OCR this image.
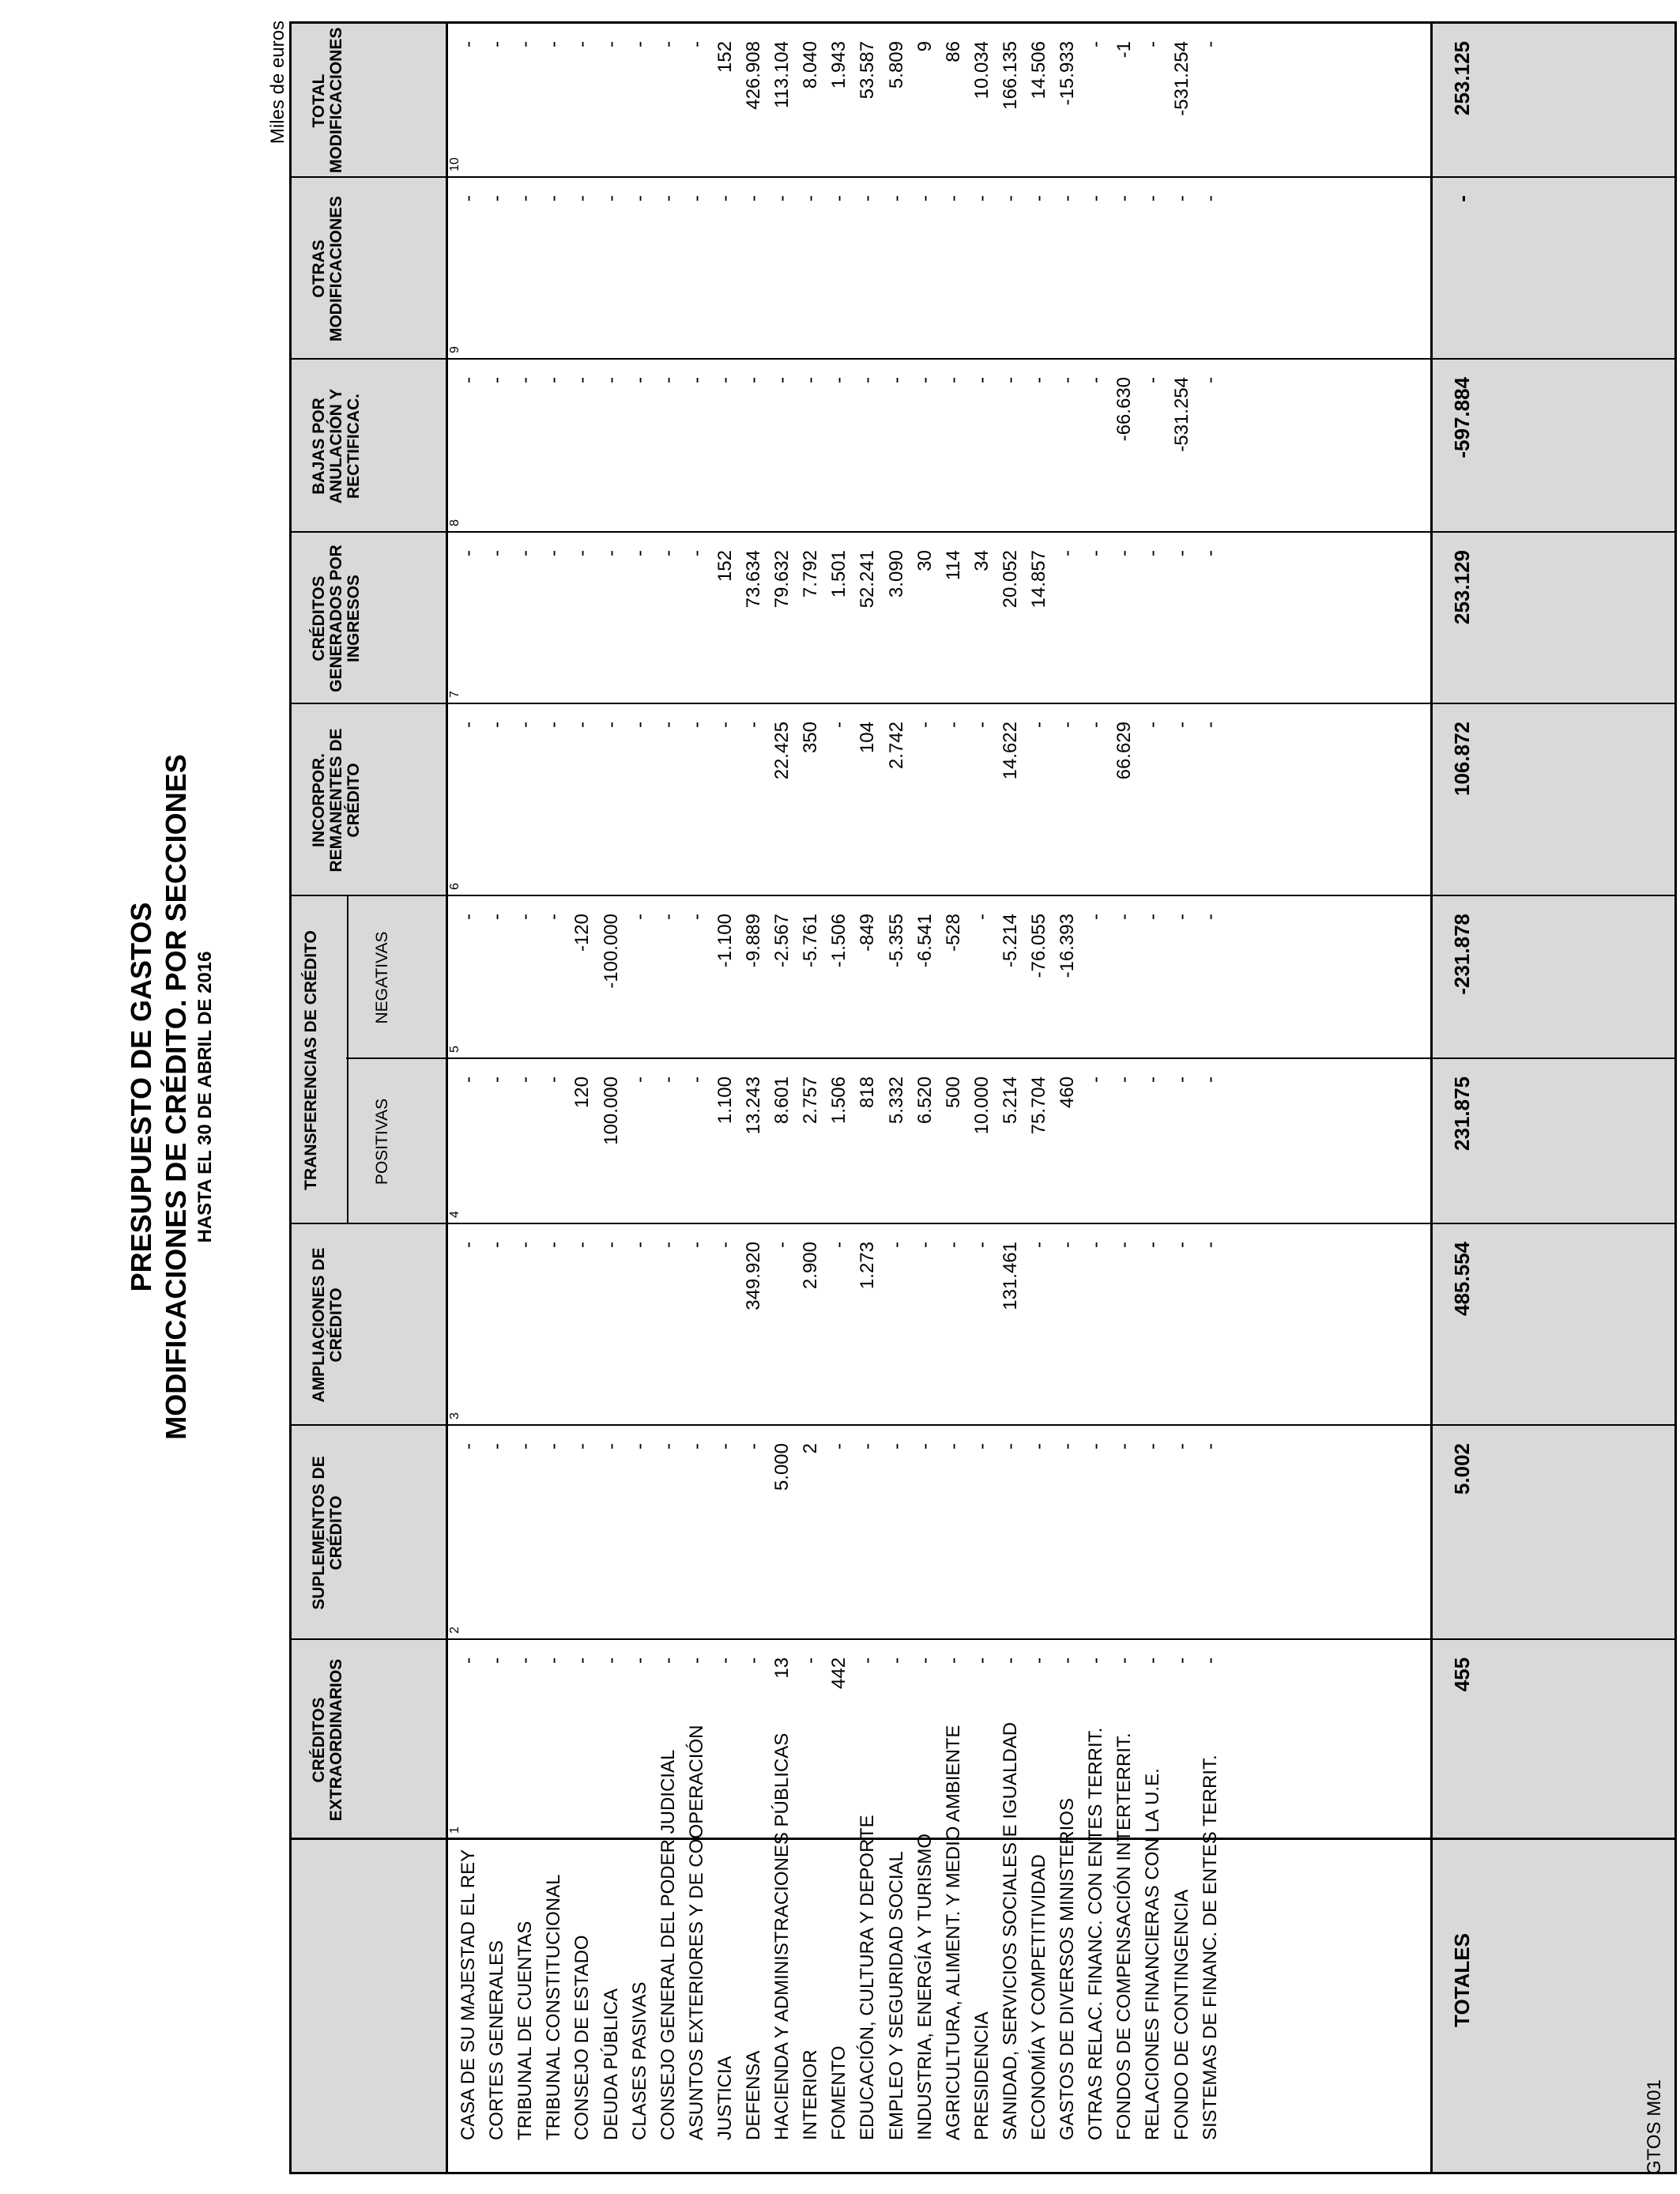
PRESUPUESTO DE GASTOS MODIFICACIONES DE CRÉDITO. POR SECCIONES HASTA EL 30 DE ABRIL DE 2016
Miles de euros
CRÉDITOS EXTRAORDINARIOS
1
SUPLEMENTOS DE CRÉDITO
2
AMPLIACIONES DE CRÉDITO
3
POSITIVAS
4
NEGATIVAS
5
INCORPOR. REMANENTES DE CRÉDITO
6
CRÉDITOS GENERADOS POR INGRESOS
7
BAJAS POR ANULACIÓN Y RECTIFICAC.
8
OTRAS MODIFICACIONES
9
TOTAL MODIFICACIONES	10
TRANSFERENCIAS DE CRÉDITO
CASA DE SU MAJESTAD EL REY
-
-
-
-
-
-
-
-
-
-
CORTES GENERALES
-
-
-
-
-
-
-
-
-
-
TRIBUNAL DE CUENTAS
-
-
-
-
-
-
-
-
-
-
TRIBUNAL CONSTITUCIONAL
-
-
-
-
-
-
-
-
-
-
CONSEJO DE ESTADO
-
-
-
120
-120
-
-
-
-
-
DEUDA PÚBLICA
-
-
-
100.000
-100.000
-
-
-
-
-
CLASES PASIVAS
-
-
-
-
-
-
-
-
-
-
CONSEJO GENERAL DEL PODER JUDICIAL
-
-
-
-
-
-
-
-
-
-
ASUNTOS EXTERIORES Y DE COOPERACIÓN
-
-
-
-
-
-
-
-
-
-
JUSTICIA
-
-
-
1.100
-1.100
-
152
-
-
152
DEFENSA
-
-
349.920
13.243
-9.889
-
73.634
-
-
426.908
HACIENDA Y ADMINISTRACIONES PÚBLICAS
13
5.000
-
8.601
-2.567
22.425
79.632
-
-
113.104
INTERIOR
-
2
2.900
2.757
-5.761
350
7.792
-
-
8.040
FOMENTO
442
-
-
1.506
-1.506
-
1.501
-
-
1.943
EDUCACIÓN, CULTURA Y DEPORTE
-
-
1.273
818
-849
104
52.241
-
-
53.587
EMPLEO Y SEGURIDAD SOCIAL
-
-
-
5.332
-5.355
2.742
3.090
-
-
5.809
INDUSTRIA, ENERGÍA Y TURISMO
-
-
-
6.520
-6.541
-
30
-
-
9
AGRICULTURA, ALIMENT. Y MEDIO AMBIENTE
-
-
-
500
-528
-
114
-
-
86
PRESIDENCIA
-
-
-
10.000
-
-
34
-
-
10.034
SANIDAD, SERVICIOS SOCIALES E IGUALDAD
-
-
131.461
5.214
-5.214
14.622
20.052
-
-
166.135
ECONOMÍA Y COMPETITIVIDAD
-
-
-
75.704
-76.055
-
14.857
-
-
14.506
GASTOS DE DIVERSOS MINISTERIOS
-
-
-
460
-16.393
-
-
-
-
-15.933
OTRAS RELAC. FINANC. CON ENTES TERRIT.
-
-
-
-
-
-
-
-
-
-
FONDOS DE COMPENSACIÓN INTERTERRIT.
-
-
-
-
-
66.629
-
-66.630
-
-1
RELACIONES FINANCIERAS CON LA U.E.
-
-
-
-
-
-
-
-
-
-
FONDO DE CONTINGENCIA
-
-
-
-
-
-
-
-531.254
-
-531.254
SISTEMAS DE FINANC. DE ENTES TERRIT.
-
-
-
-
-
-
-
-
-
-
TOTALES
455
5.002
485.554
231.875
-231.878
106.872
253.129
-597.884
-
253.125
GTOS M01
